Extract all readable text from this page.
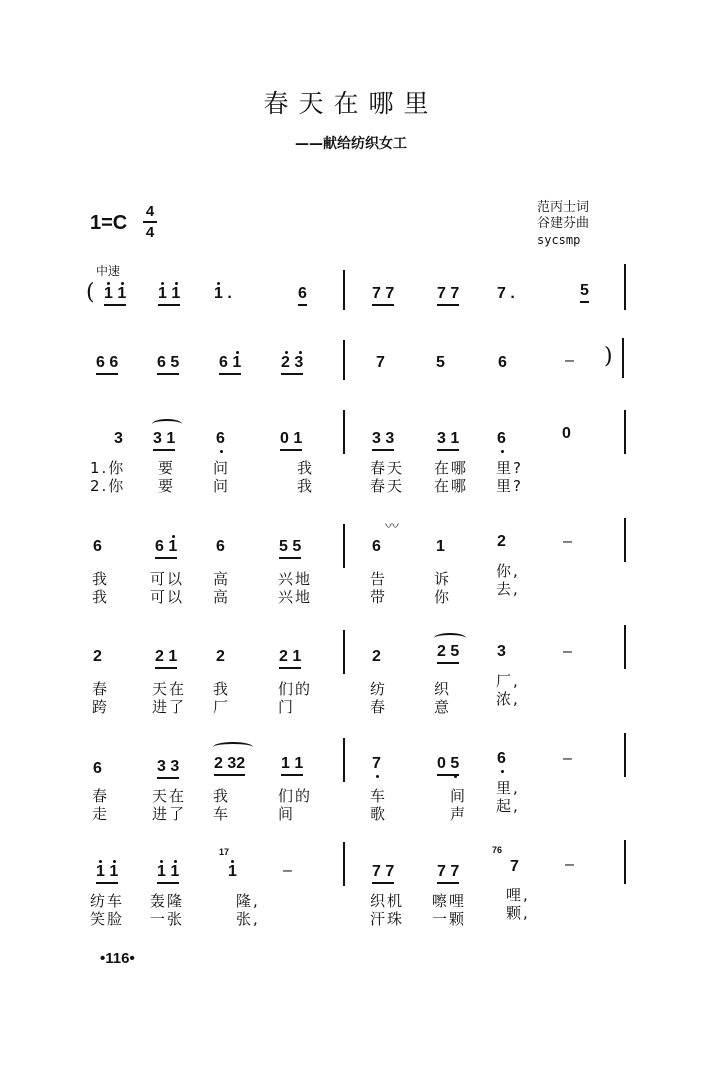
春天在哪里
——献给纺织女工
范丙士词
谷建芬曲
sycsmp
1=C
4
4
中速
( 1 1 1 1 1 .	6	7 7	7 7 7 .	5
6 6 6 5 6 1 2 3	7	5	6	– )
3 3 1	6	0 1	3 3	3 1 6	0
1.你 要	问	我	春天 在哪 里?
2.你 要	问	我	春天 在哪 里?
〰
6	6 1 6	5 5	6	1	2	–
我	可以 高	兴地	告	诉	你,
我	可以 高	兴地	带	你	去,
2	2 1 2	2 1	2	2 5 3	–
春	天在 我	们的	纺	织	厂,
跨	进了 厂	门	春	意	浓,
6	3 3 2 32 1 1	7	0 5 6	–
春	天在 我	们的	车	间 里,
走	进了 车	间	歌	声 起,
1 1 1 1
17
1	–	7 7	7 7
76
7	–
纺车 轰隆	隆,	织机 嚓哩	哩,
笑脸 一张	张,	汗珠 一颗	颗,
•116•
